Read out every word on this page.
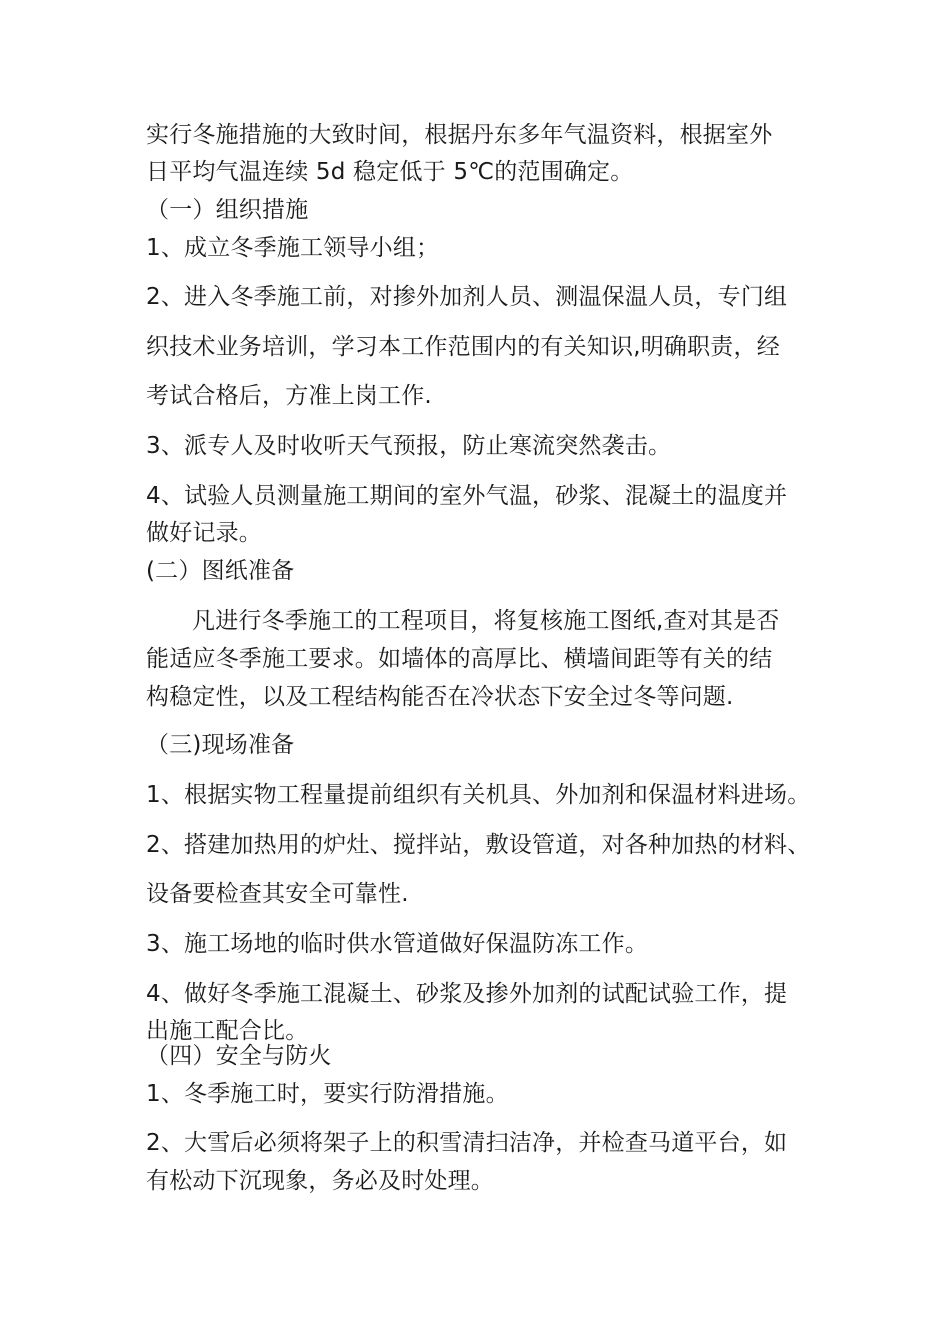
实行冬施措施的大致时间，根据丹东多年气温资料，根据室外
日平均气温连续 5d 稳定低于 5℃的范围确定。
（一）组织措施
1、成立冬季施工领导小组；
2、进入冬季施工前，对掺外加剂人员、测温保温人员，专门组
织技术业务培训，学习本工作范围内的有关知识,明确职责，经
考试合格后，方准上岗工作.
3、派专人及时收听天气预报，防止寒流突然袭击。
4、试验人员测量施工期间的室外气温，砂浆、混凝土的温度并
做好记录。
(二）图纸准备
凡进行冬季施工的工程项目，将复核施工图纸,查对其是否
能适应冬季施工要求。如墙体的高厚比、横墙间距等有关的结
构稳定性，以及工程结构能否在冷状态下安全过冬等问题.
（三)现场准备
1、根据实物工程量提前组织有关机具、外加剂和保温材料进场。
2、搭建加热用的炉灶、搅拌站，敷设管道，对各种加热的材料、
设备要检查其安全可靠性.
3、施工场地的临时供水管道做好保温防冻工作。
4、做好冬季施工混凝土、砂浆及掺外加剂的试配试验工作，提
出施工配合比。
（四）安全与防火
1、冬季施工时，要实行防滑措施。
2、大雪后必须将架子上的积雪清扫洁净，并检查马道平台，如
有松动下沉现象，务必及时处理。
